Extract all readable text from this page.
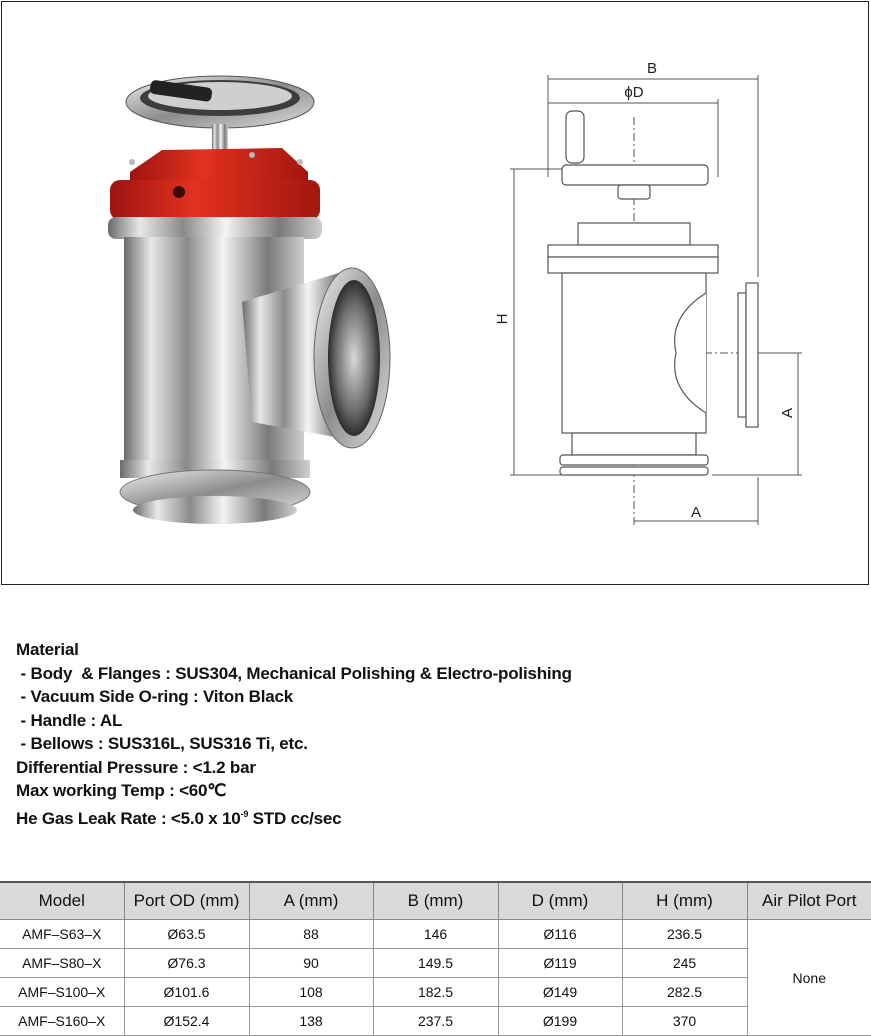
B
ϕD
H
A
A
Material
- Body  & Flanges : SUS304, Mechanical Polishing & Electro-polishing
- Vacuum Side O-ring : Viton Black
- Handle : AL
- Bellows : SUS316L, SUS316 Ti, etc.
Differential Pressure : <1.2 bar
Max working Temp : <60℃
He Gas Leak Rate : <5.0 x $10^{-9}$ STD cc/sec
Model	Port OD (mm)	A (mm)	B (mm)	D (mm)	H (mm)	Air Pilot Port
AMF–S63–X	Ø63.5	88	146	Ø116	236.5	None
AMF–S80–X	Ø76.3	90	149.5	Ø119	245	
AMF–S100–X	Ø101.6	108	182.5	Ø149	282.5	
AMF–S160–X	Ø152.4	138	237.5	Ø199	370	
